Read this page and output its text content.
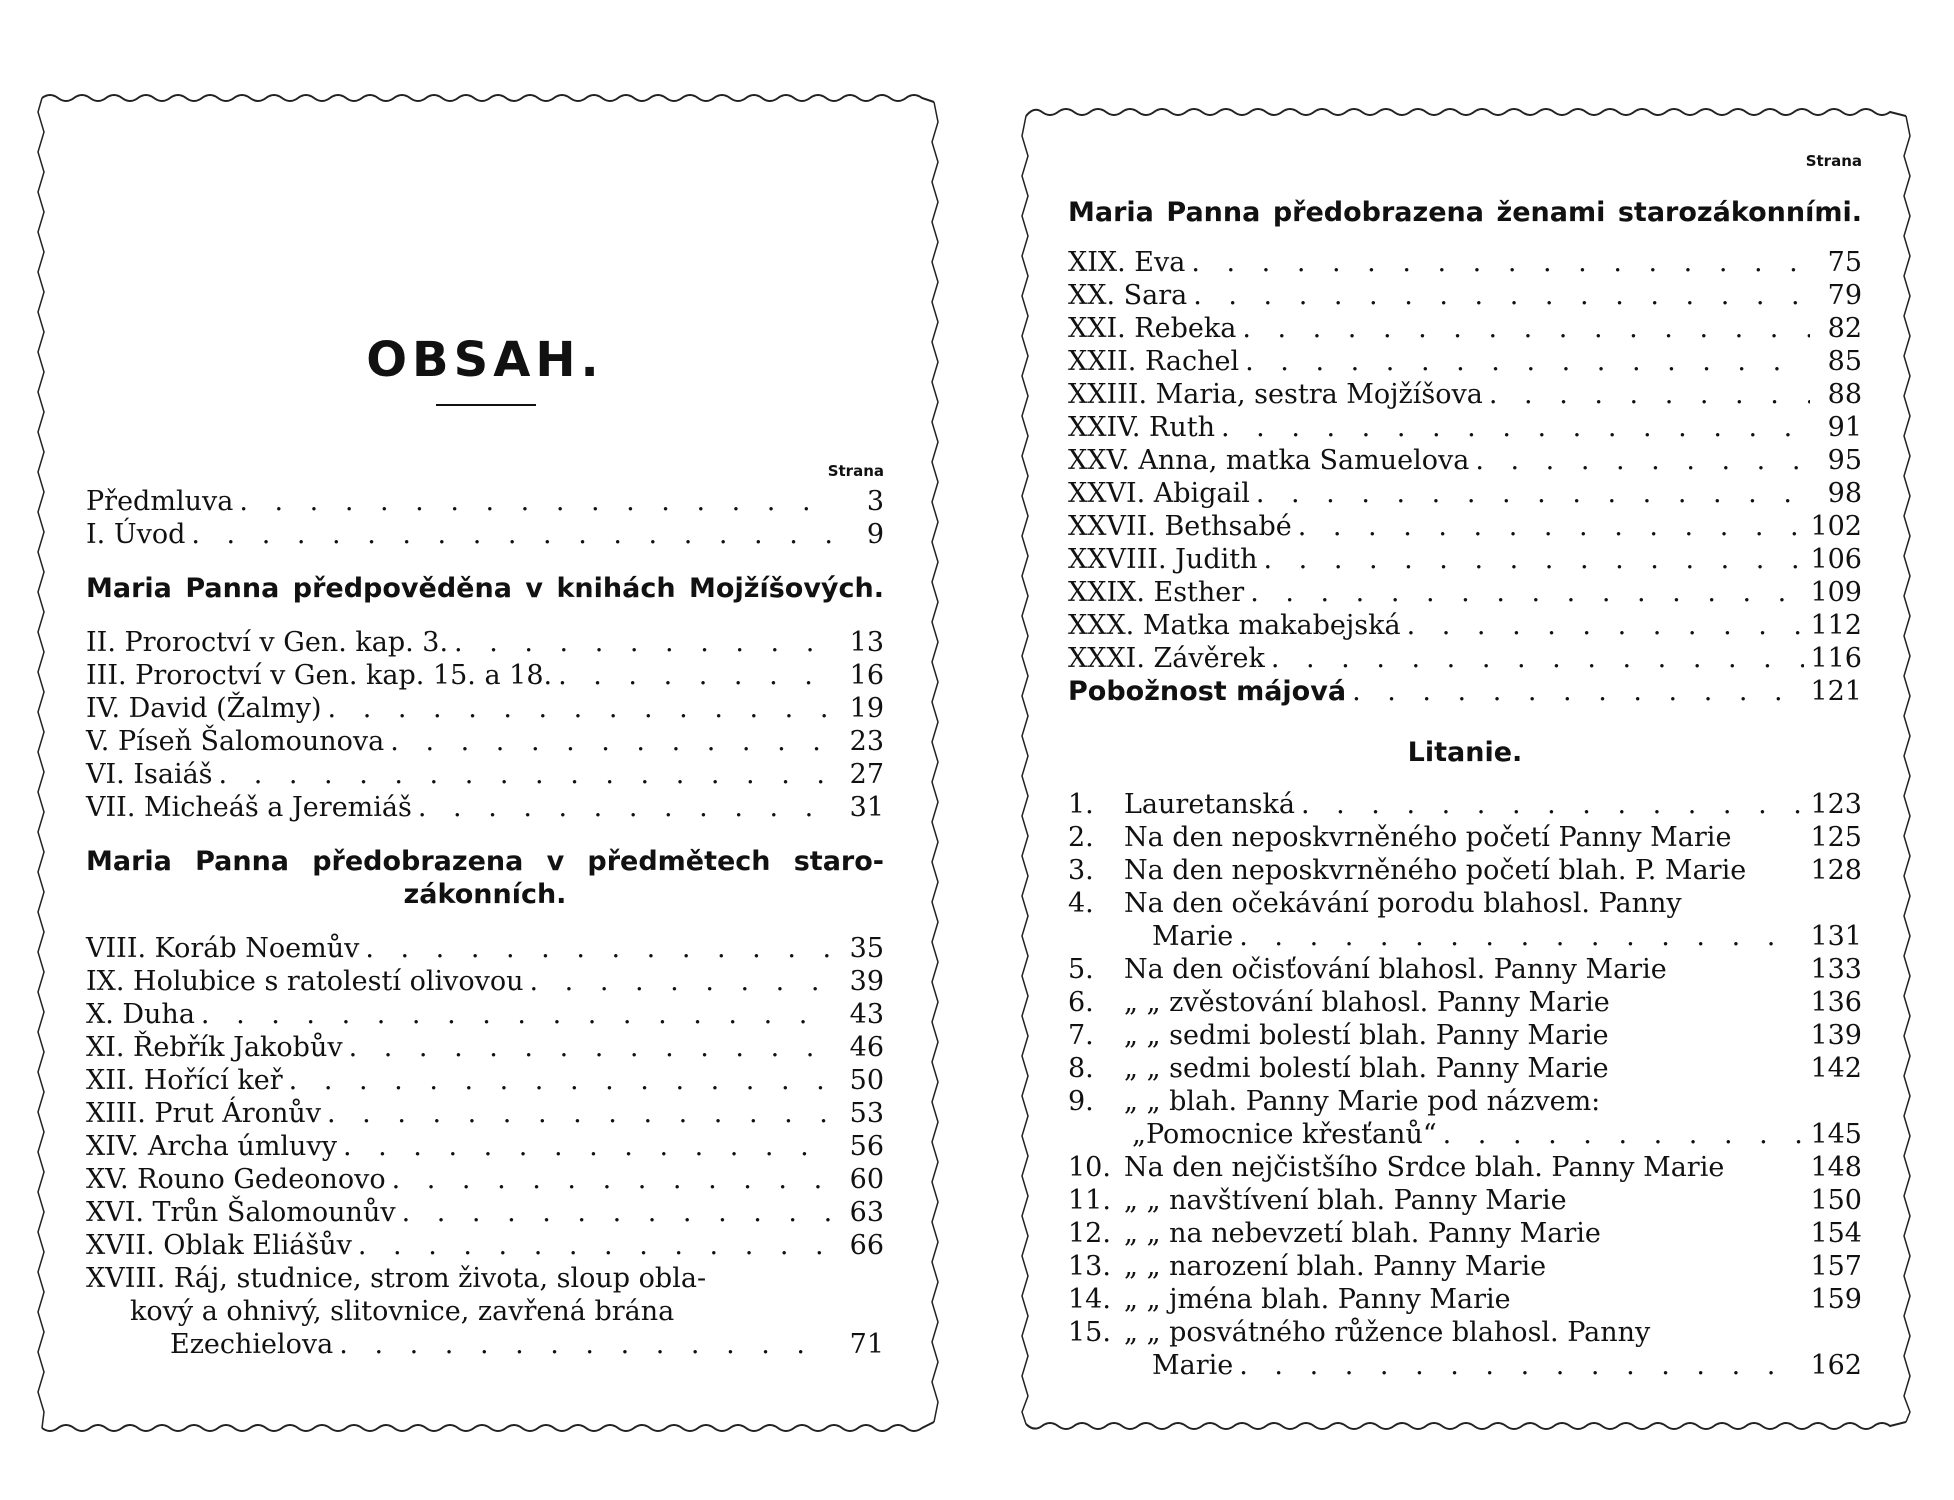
OBSAH.
Strana
Předmluva . . .	3
I. Úvod . . .	9
Maria Panna předpověděna v knihách Mojžíšových.
II. Proroctví v Gen. kap. 3. . . .	13
III. Proroctví v Gen. kap. 15. a 18. . . .	16
IV. David (Žalmy) . . .	19
V. Píseň Šalomounova . . .	23
VI. Isaiáš . . .	27
VII. Micheáš a Jeremiáš . . .	31
Maria Panna předobrazena v předmětech staro-
zákonních.
VIII. Koráb Noemův . . .	35
IX. Holubice s ratolestí olivovou . . .	39
X. Duha . . .	43
XI. Řebřík Jakobův . . .	46
XII. Hořící keř . . .	50
XIII. Prut Áronův . . .	53
XIV. Archa úmluvy . . .	56
XV. Rouno Gedeonovo . . .	60
XVI. Trůn Šalomounův . . .	63
XVII. Oblak Eliášův . . .	66
XVIII. Ráj, studnice, strom života, sloup obla-
kový a ohnivý, slitovnice, zavřená brána
Ezechielova . . .	71
Strana
Maria Panna předobrazena ženami starozákonními.
XIX. Eva . . .	75
XX. Sara . . .	79
XXI. Rebeka . . .	82
XXII. Rachel . . .	85
XXIII. Maria, sestra Mojžíšova . . .	88
XXIV. Ruth . . .	91
XXV. Anna, matka Samuelova . . .	95
XXVI. Abigail . . .	98
XXVII. Bethsabé . . .	102
XXVIII. Judith . . .	106
XXIX. Esther . . .	109
XXX. Matka makabejská . . .	112
XXXI. Závěrek . . .	116
Pobožnost májová . . .	121
Litanie.
1.	Lauretanská . . .	123
2.	Na den neposkvrněného početí Panny Marie	125
3.	Na den neposkvrněného početí blah. P. Marie	128
4.	Na den očekávání porodu blahosl. Panny
Marie . . .	131
5.	Na den očisťování blahosl. Panny Marie	133
6.	„ „ zvěstování blahosl. Panny Marie	136
7.	„ „ sedmi bolestí blah. Panny Marie	139
8.	„ „ sedmi bolestí blah. Panny Marie	142
9.	„ „ blah. Panny Marie pod názvem:
„Pomocnice křesťanů“ . . .	145
10. Na den nejčistšího Srdce blah. Panny Marie	148
11. „ „ navštívení blah. Panny Marie	150
12. „ „ na nebevzetí blah. Panny Marie	154
13. „ „ narození blah. Panny Marie	157
14. „ „ jména blah. Panny Marie	159
15. „ „ posvátného růžence blahosl. Panny
Marie . . .	162
